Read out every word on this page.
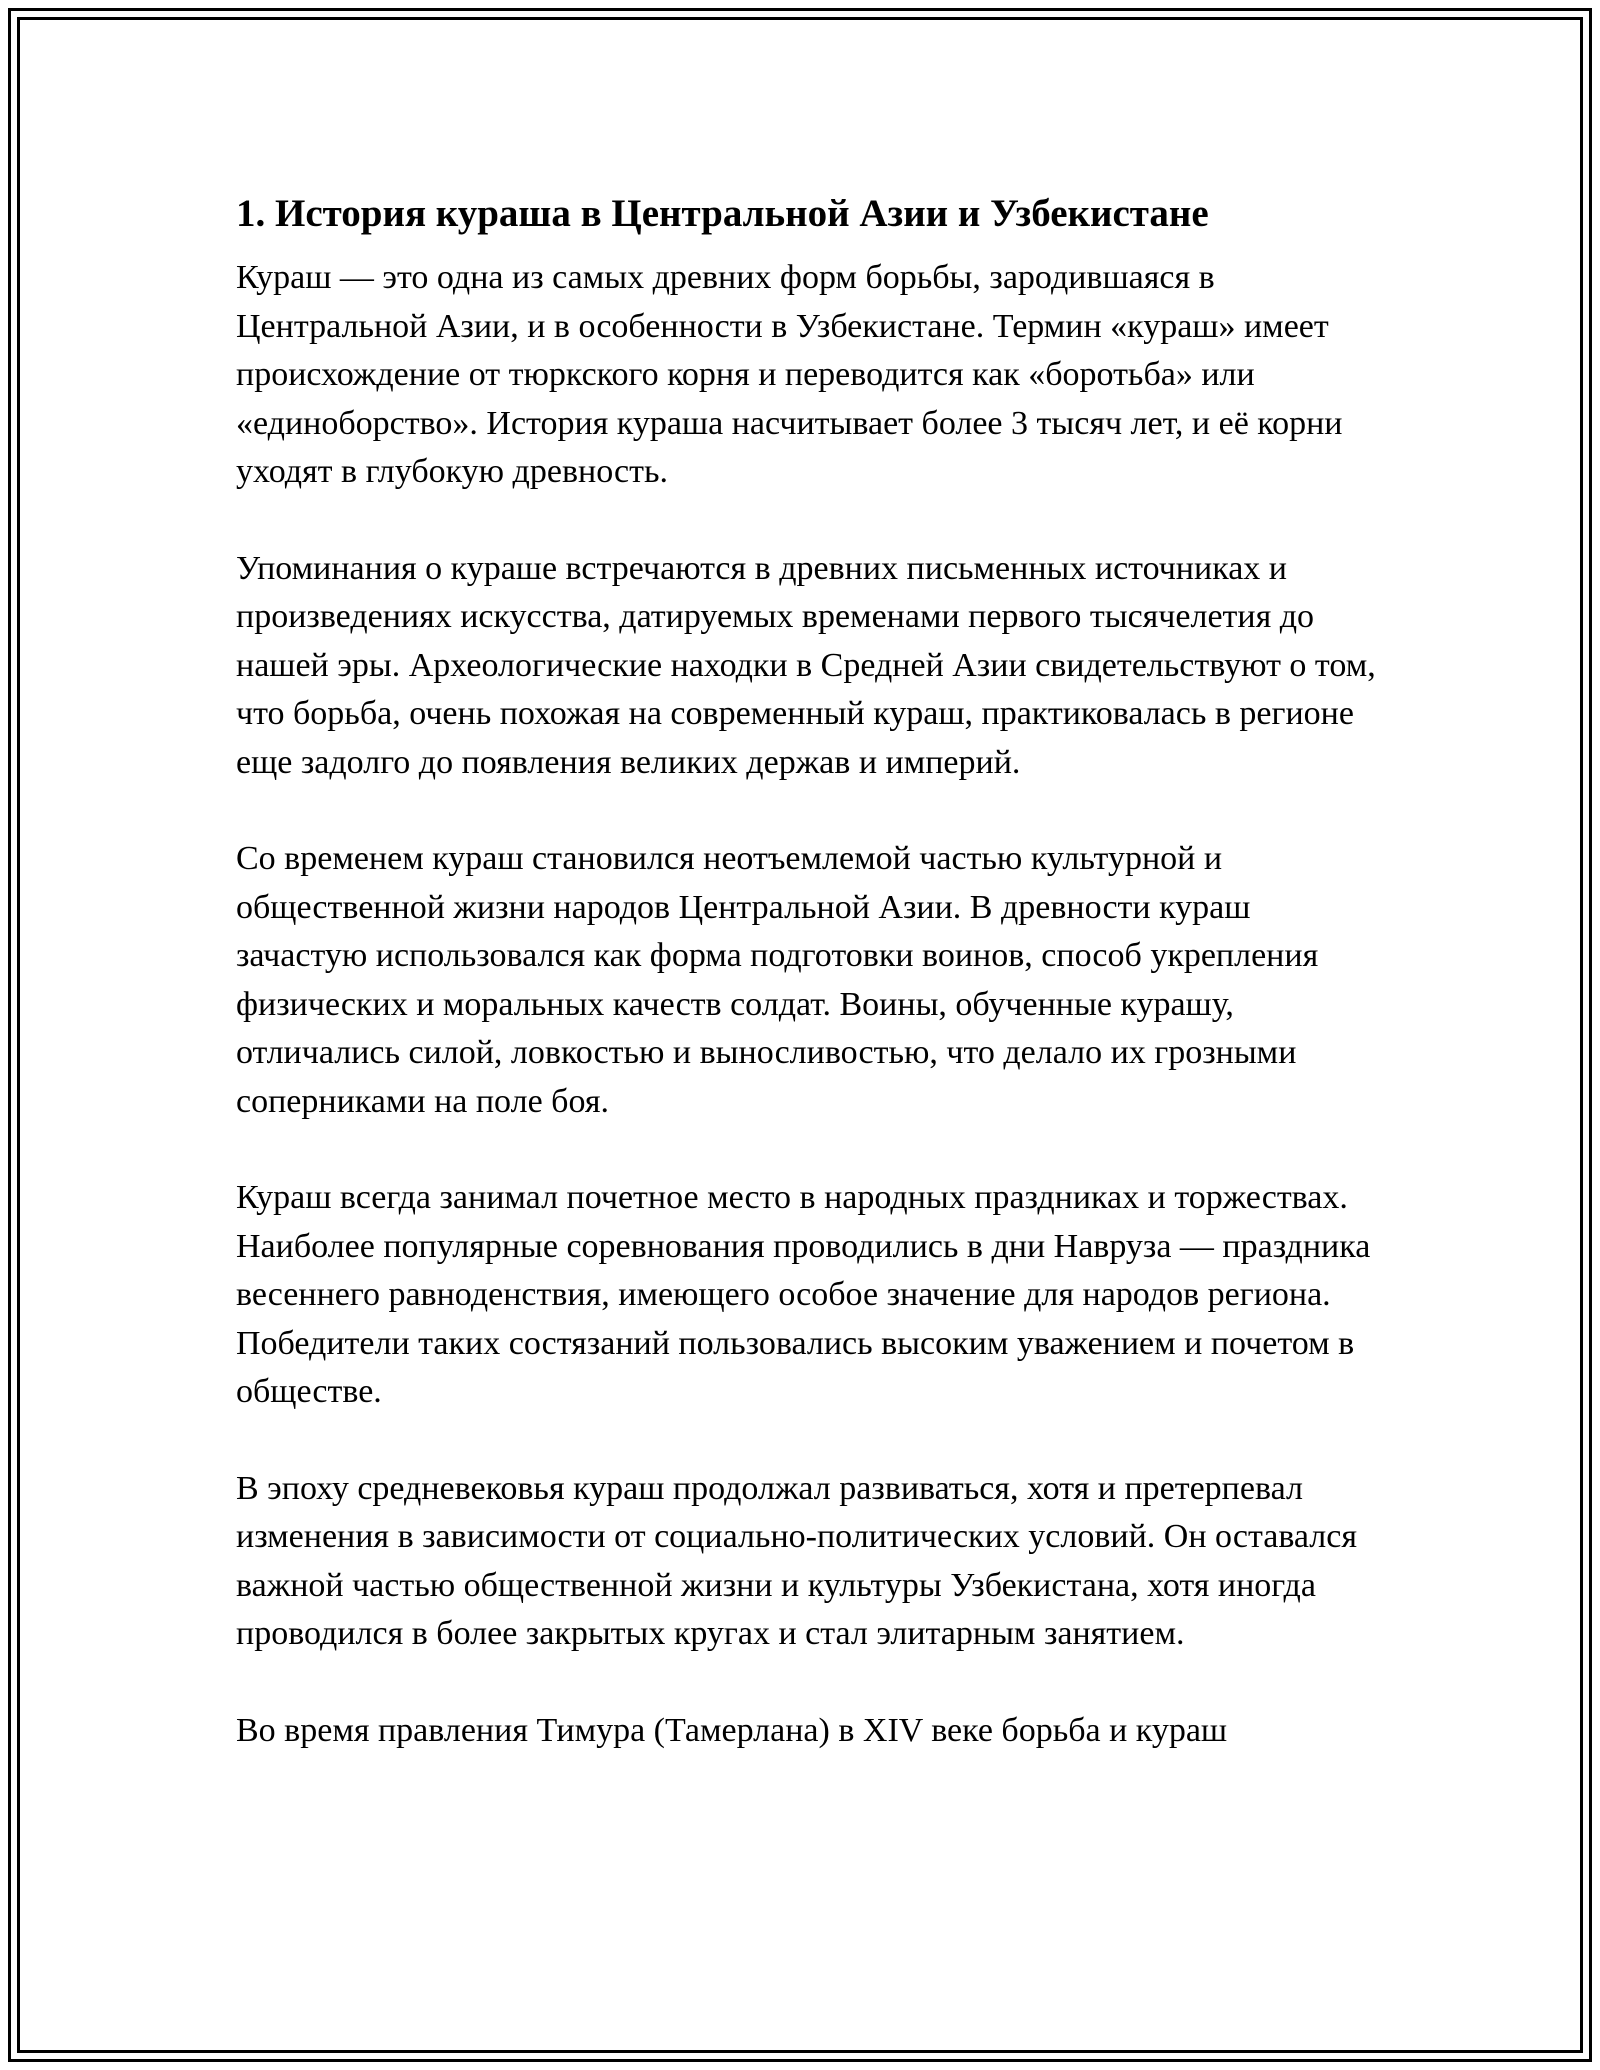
1. История кураша в Центральной Азии и Узбекистане

Кураш — это одна из самых древних форм борьбы, зародившаяся в Центральной Азии, и в особенности в Узбекистане. Термин «кураш» имеет происхождение от тюркского корня и переводится как «боротьба» или «единоборство». История кураша насчитывает более 3 тысяч лет, и её корни уходят в глубокую древность.

Упоминания о кураше встречаются в древних письменных источниках и произведениях искусства, датируемых временами первого тысячелетия до нашей эры. Археологические находки в Средней Азии свидетельствуют о том, что борьба, очень похожая на современный кураш, практиковалась в регионе еще задолго до появления великих держав и империй.

Со временем кураш становился неотъемлемой частью культурной и общественной жизни народов Центральной Азии. В древности кураш зачастую использовался как форма подготовки воинов, способ укрепления физических и моральных качеств солдат. Воины, обученные курашу, отличались силой, ловкостью и выносливостью, что делало их грозными соперниками на поле боя.

Кураш всегда занимал почетное место в народных праздниках и торжествах. Наиболее популярные соревнования проводились в дни Навруза — праздника весеннего равноденствия, имеющего особое значение для народов региона. Победители таких состязаний пользовались высоким уважением и почетом в обществе.

В эпоху средневековья кураш продолжал развиваться, хотя и претерпевал изменения в зависимости от социально-политических условий. Он оставался важной частью общественной жизни и культуры Узбекистана, хотя иногда проводился в более закрытых кругах и стал элитарным занятием.

Во время правления Тимура (Тамерлана) в XIV веке борьба и кураш
